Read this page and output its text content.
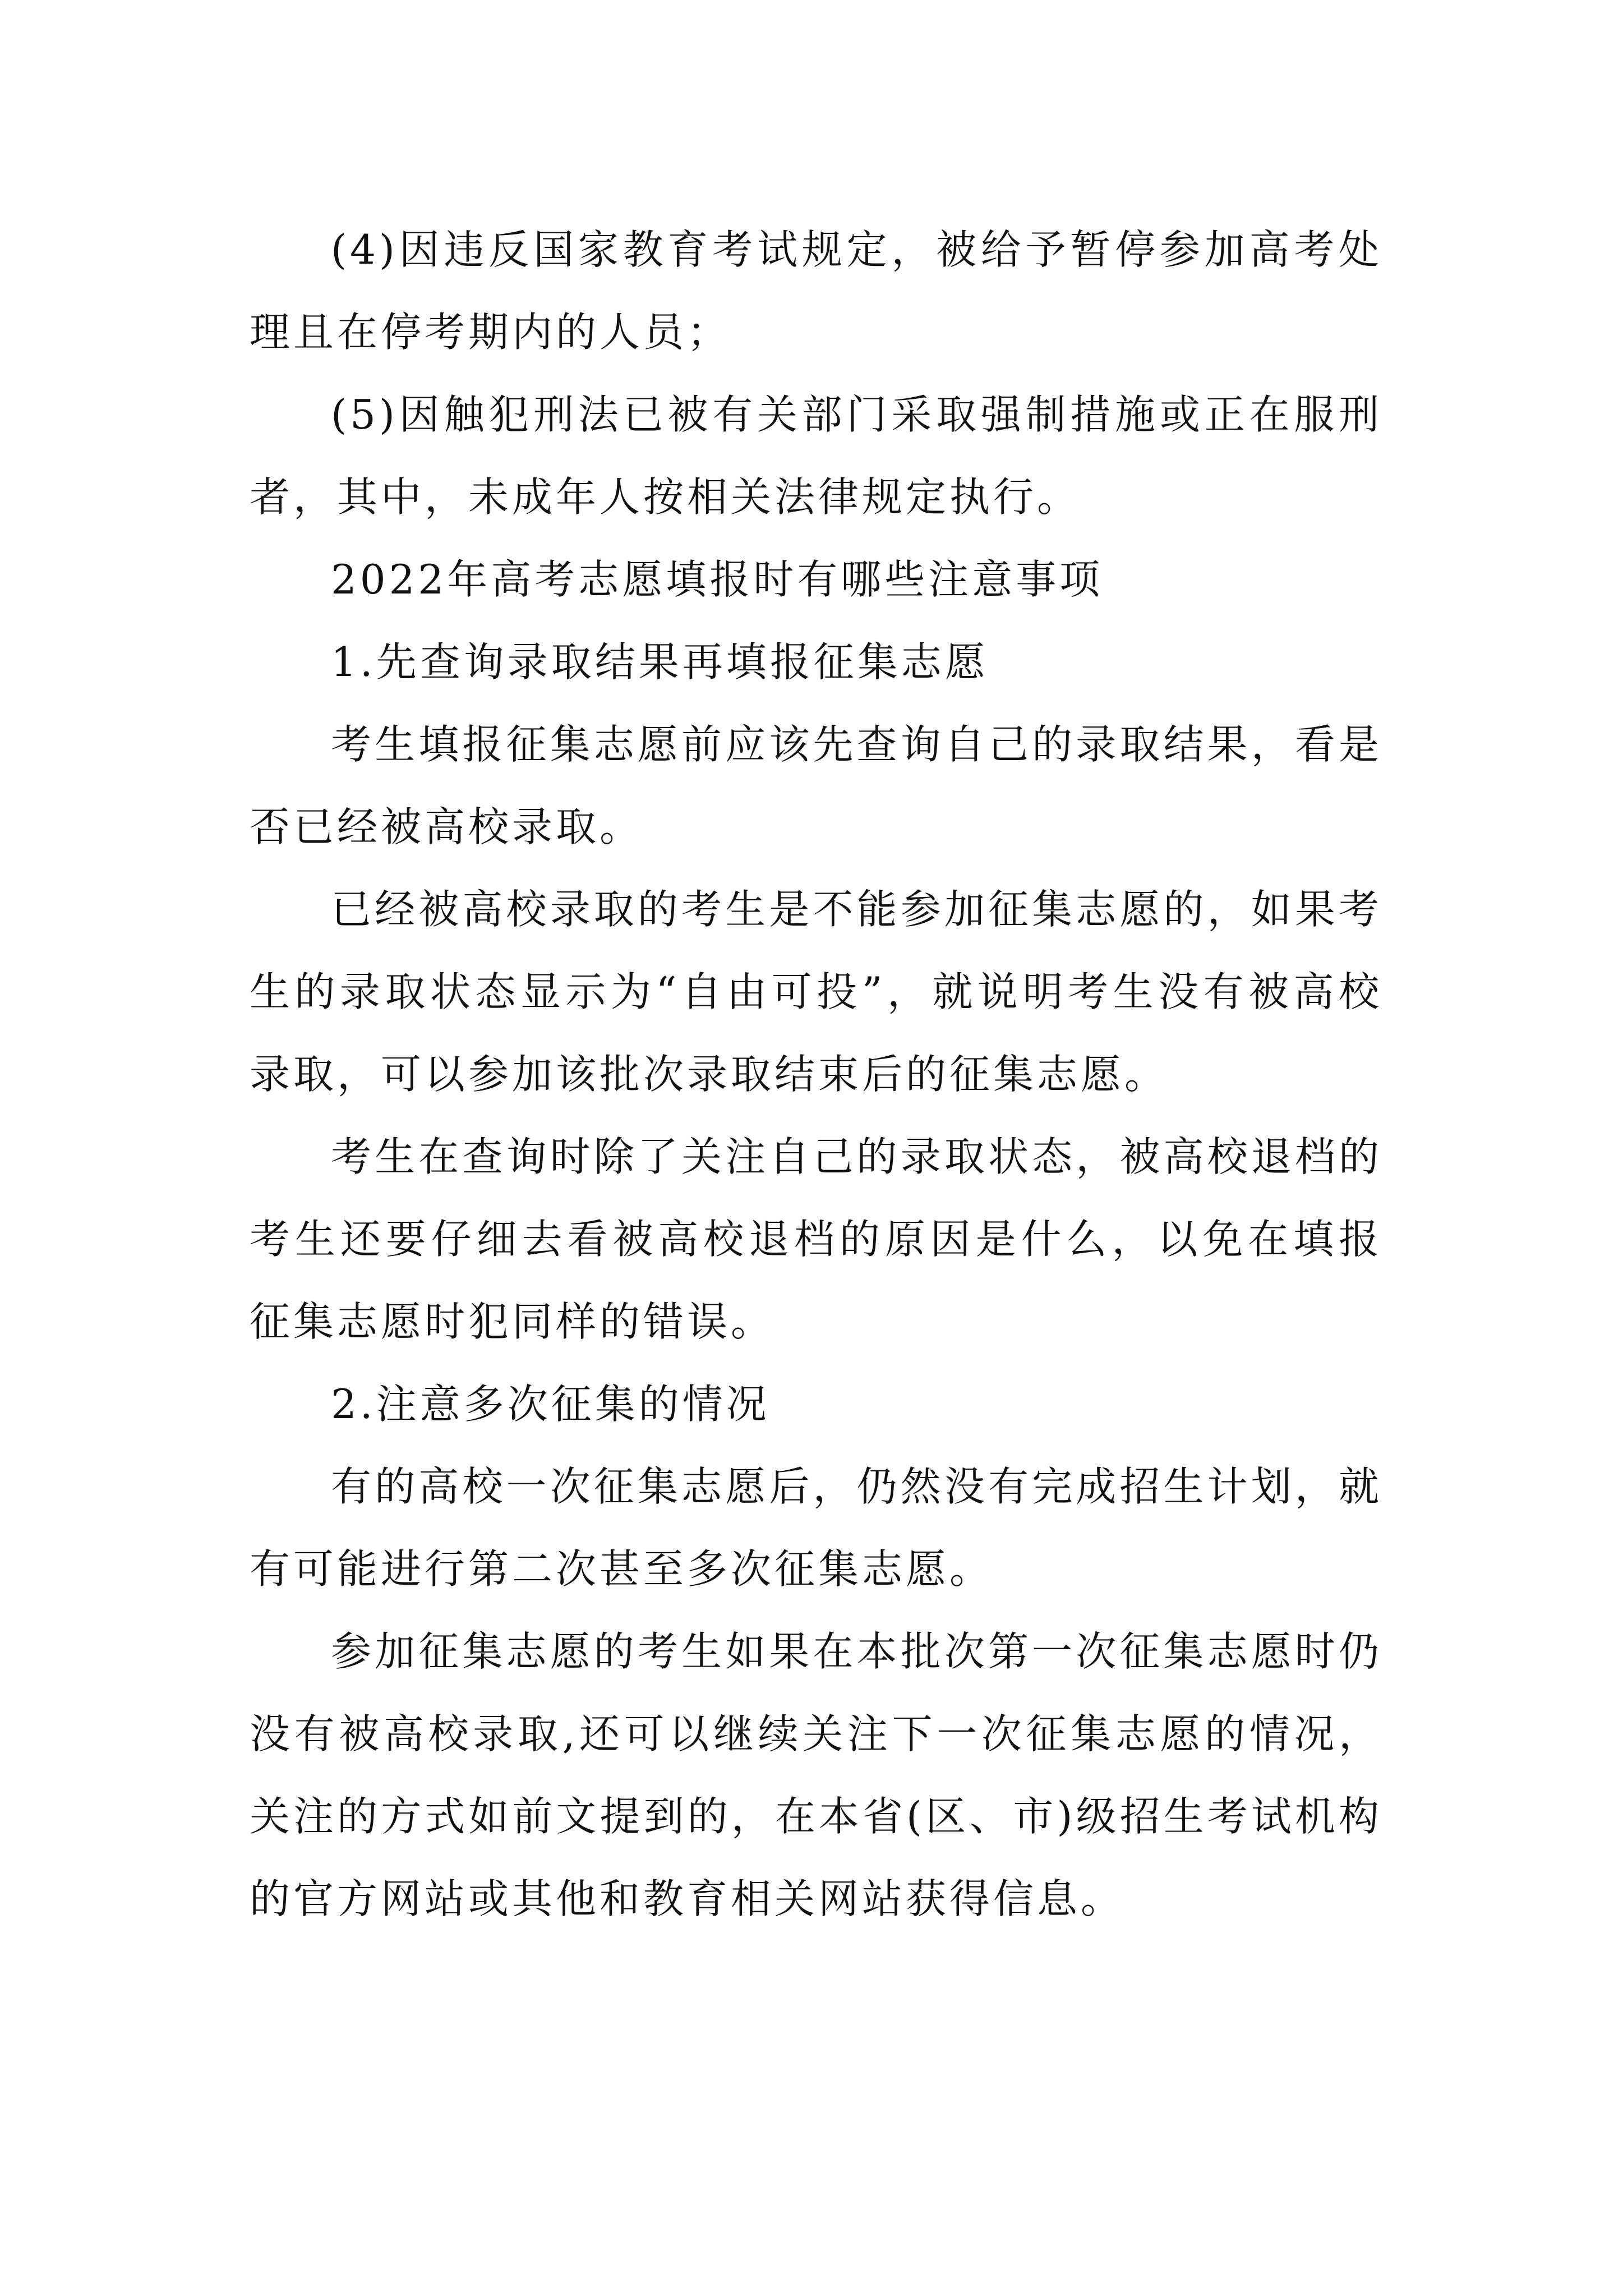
(4)因违反国家教育考试规定，被给予暂停参加高考处理且在停考期内的人员；

(5)因触犯刑法已被有关部门采取强制措施或正在服刑者，其中，未成年人按相关法律规定执行。

2022年高考志愿填报时有哪些注意事项

1.先查询录取结果再填报征集志愿

考生填报征集志愿前应该先查询自己的录取结果，看是否已经被高校录取。

已经被高校录取的考生是不能参加征集志愿的，如果考生的录取状态显示为“自由可投”，就说明考生没有被高校录取，可以参加该批次录取结束后的征集志愿。

考生在查询时除了关注自己的录取状态，被高校退档的考生还要仔细去看被高校退档的原因是什么，以免在填报征集志愿时犯同样的错误。

2.注意多次征集的情况

有的高校一次征集志愿后，仍然没有完成招生计划，就有可能进行第二次甚至多次征集志愿。

参加征集志愿的考生如果在本批次第一次征集志愿时仍没有被高校录取,还可以继续关注下一次征集志愿的情况，关注的方式如前文提到的，在本省(区、市)级招生考试机构的官方网站或其他和教育相关网站获得信息。
